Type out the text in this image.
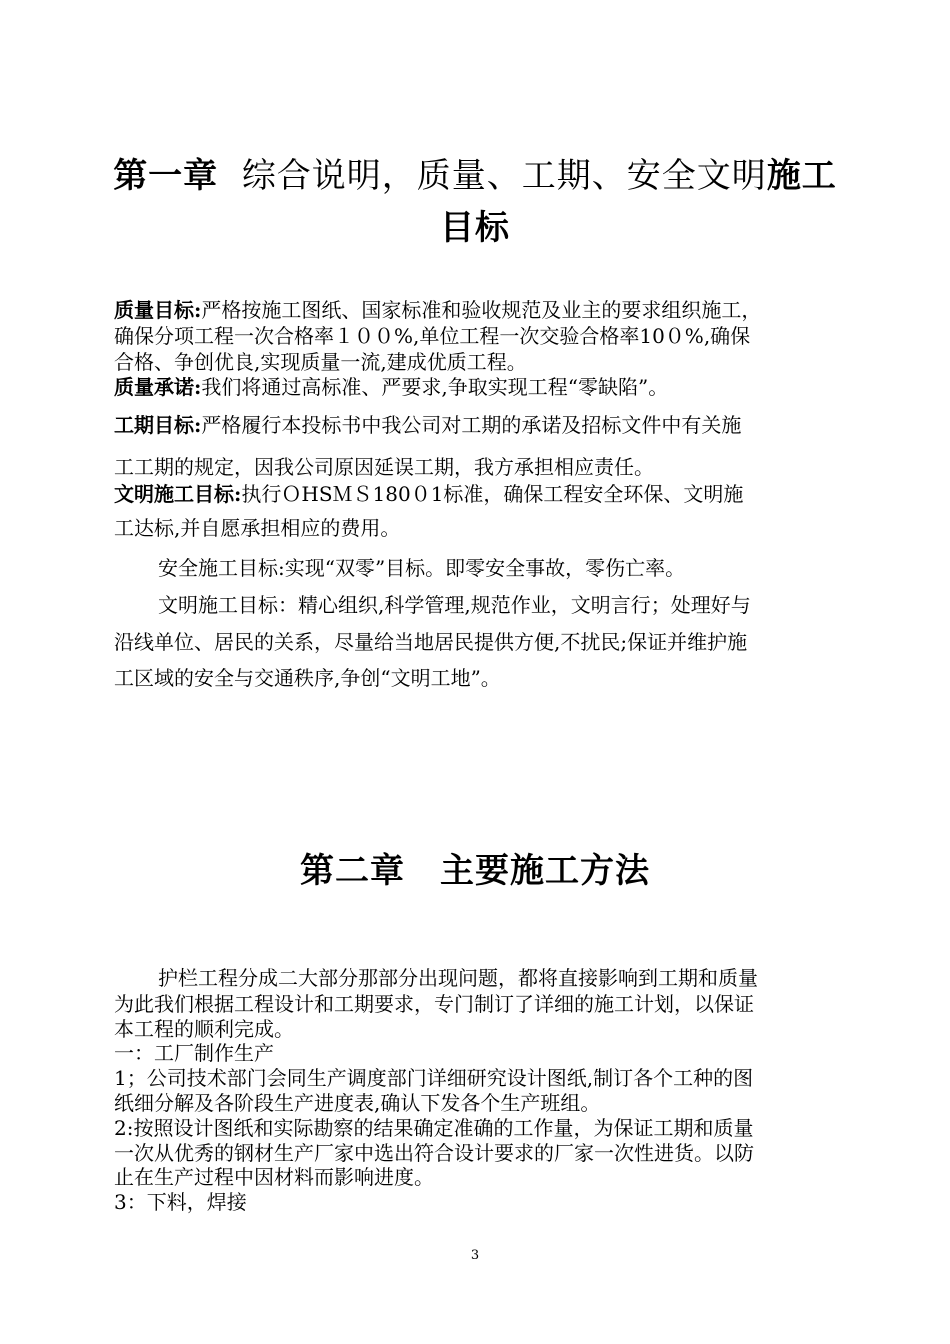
第一章 综合说明，质量、工期、安全文明施工
目标
质量目标:严格按施工图纸、国家标准和验收规范及业主的要求组织施工，
确保分项工程一次合格率１００%,单位工程一次交验合格率10０%,确保
合格、争创优良,实现质量一流,建成优质工程。
质量承诺:我们将通过高标准、严要求,争取实现工程“零缺陷”。
工期目标:严格履行本投标书中我公司对工期的承诺及招标文件中有关施
工工期的规定，因我公司原因延误工期，我方承担相应责任。
文明施工目标:执行ＯHSＭＳ180０1标准，确保工程安全环保、文明施
工达标,并自愿承担相应的费用。
安全施工目标:实现“双零”目标。即零安全事故，零伤亡率。
文明施工目标：精心组织,科学管理,规范作业，文明言行；处理好与
沿线单位、居民的关系，尽量给当地居民提供方便,不扰民;保证并维护施
工区域的安全与交通秩序,争创“文明工地”。
第二章　主要施工方法
护栏工程分成二大部分那部分出现问题，都将直接影响到工期和质量
为此我们根据工程设计和工期要求，专门制订了详细的施工计划，以保证
本工程的顺利完成。
一：工厂制作生产
1；公司技术部门会同生产调度部门详细研究设计图纸,制订各个工种的图
纸细分解及各阶段生产进度表,确认下发各个生产班组。
2:按照设计图纸和实际勘察的结果确定准确的工作量，为保证工期和质量
一次从优秀的钢材生产厂家中选出符合设计要求的厂家一次性进货。以防
止在生产过程中因材料而影响进度。
3：下料，焊接
3
